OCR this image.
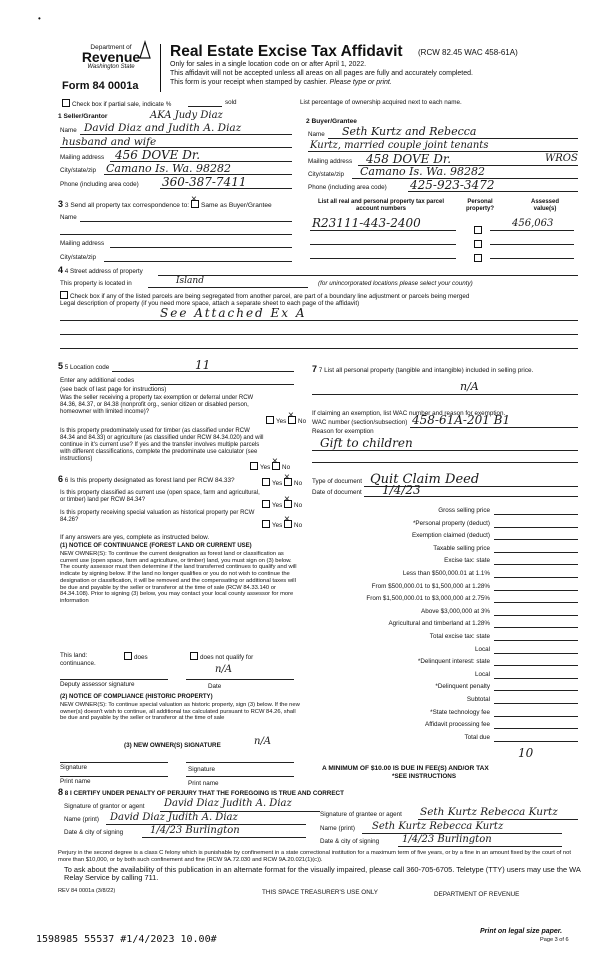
•
Department of
Revenue
Washington State
Form 84 0001a
Real Estate Excise Tax Affidavit (RCW 82.45 WAC 458-61A)
Only for sales in a single location code on or after April 1, 2022.
This affidavit will not be accepted unless all areas on all pages are fully and accurately completed.
This form is your receipt when stamped by cashier. Please type or print.
Check box if partial sale, indicate %	sold	List percentage of ownership acquired next to each name.
1 Seller/Grantor	AKA Judy Diaz
Name David Diaz and Judith A. Diaz
husband and wife
Mailing address 456 DOVE Dr.
City/state/zip Camano Is. Wa. 98282
Phone (including area code) 360-387-7411
2 Buyer/Grantee
Name Seth Kurtz and Rebecca
Kurtz, married couple joint tenants
Mailing address 458 DOVE Dr.	WROS
City/state/zip Camano Is. Wa. 98282
Phone (including area code) 425-923-3472
3 3 Send all property tax correspondence to:
×
Same as Buyer/Grantee
Name
Mailing address
City/state/zip
List all real and personal property tax parcel account numbers
Personal property?
Assessed value(s)
R23111-443-2400	456,063
4 4 Street address of property
This property is located in	Island	(for unincorporated locations please select your county)
Check box if any of the listed parcels are being segregated from another parcel, are part of a boundary line adjustment or parcels being merged
Legal description of property (if you need more space, attach a separate sheet to each page of the affidavit)
See Attached Ex A
5 5 Location code	11
Enter any additional codes
(see back of last page for instructions)
Was the seller receiving a property tax exemption or deferral under RCW 84.36, 84.37, or 84.38 (nonprofit org., senior citizen or disabled person, homeowner with limited income)?
Yes
×
No
Is this property predominately used for timber (as classified under RCW 84.34 and 84.33) or agriculture (as classified under RCW 84.34.020) and will continue in it's current use? If yes and the transfer involves multiple parcels with different classifications, complete the predominate use calculator (see instructions)
Yes
×
No
6 6 Is this property designated as forest land per RCW 84.33?	Yes
×
No
Is this property classified as current use (open space, farm and agricultural, or timber) land per RCW 84.34?
Yes
×
No
Is this property receiving special valuation as historical property per RCW 84.26?
Yes
×
No
If any answers are yes, complete as instructed below.
(1) NOTICE OF CONTINUANCE (FOREST LAND OR CURRENT USE)
NEW OWNER(S): To continue the current designation as forest land or classification as current use (open space, farm and agriculture, or timber) land, you must sign on (3) below. The county assessor must then determine if the land transferred continues to qualify and will indicate by signing below. If the land no longer qualifies or you do not wish to continue the designation or classification, it will be removed and the compensating or additional taxes will be due and payable by the seller or transferor at the time of sale (RCW 84.33.140 or 84.34.108). Prior to signing (3) below, you may contact your local county assessor for more information
This land:
continuance.
does	does not qualify for
n/A
Deputy assessor signature	Date
(2) NOTICE OF COMPLIANCE (HISTORIC PROPERTY)
NEW OWNER(S): To continue special valuation as historic property, sign (3) below. If the new owner(s) doesn't wish to continue, all additional tax calculated pursuant to RCW 84.26, shall be due and payable by the seller or transferor at the time of sale
(3) NEW OWNER(S) SIGNATURE	n/A
Signature	Signature
Print name	Print name
7 7 List all personal property (tangible and intangible) included in selling price.
n/A
If claiming an exemption, list WAC number and reason for exemption.
WAC number (section/subsection) 458-61A-201 B1
Reason for exemption
Gift to children
Type of document Quit Claim Deed
Date of document 1/4/23
Gross selling price
*Personal property (deduct)
Exemption claimed (deduct)
Taxable selling price
Excise tax: state
Less than $500,000.01 at 1.1%
From $500,000.01 to $1,500,000 at 1.28%
From $1,500,000.01 to $3,000,000 at 2.75%
Above $3,000,000 at 3%
Agricultural and timberland at 1.28%
Total excise tax: state
Local
*Delinquent interest: state
Local
*Delinquent penalty
Subtotal
*State technology fee
Affidavit processing fee
Total due
10
A MINIMUM OF $10.00 IS DUE IN FEE(S) AND/OR TAX
*SEE INSTRUCTIONS
8 8 I CERTIFY UNDER PENALTY OF PERJURY THAT THE FOREGOING IS TRUE AND CORRECT
Signature of grantor or agent David Diaz Judith A. Diaz
Name (print) David Diaz Judith A. Diaz
Date & city of signing	1/4/23 Burlington
Signature of grantee or agent Seth Kurtz Rebecca Kurtz
Name (print) Seth Kurtz Rebecca Kurtz
Date & city of signing 1/4/23 Burlington
Perjury in the second degree is a class C felony which is punishable by confinement in a state correctional institution for a maximum term of five years, or by a fine in an amount fixed by the court of not more than $10,000, or by both such confinement and fine (RCW 9A.72.030 and RCW 9A.20.021(1)(c)).
To ask about the availability of this publication in an alternate format for the visually impaired, please call 360-705-6705. Teletype (TTY) users may use the WA Relay Service by calling 711.
REV 84 0001a (3/8/22)	THIS SPACE TREASURER'S USE ONLY	DEPARTMENT OF REVENUE
Print on legal size paper.
Page 3 of 6
1598985 55537 #1/4/2023 10.00#
